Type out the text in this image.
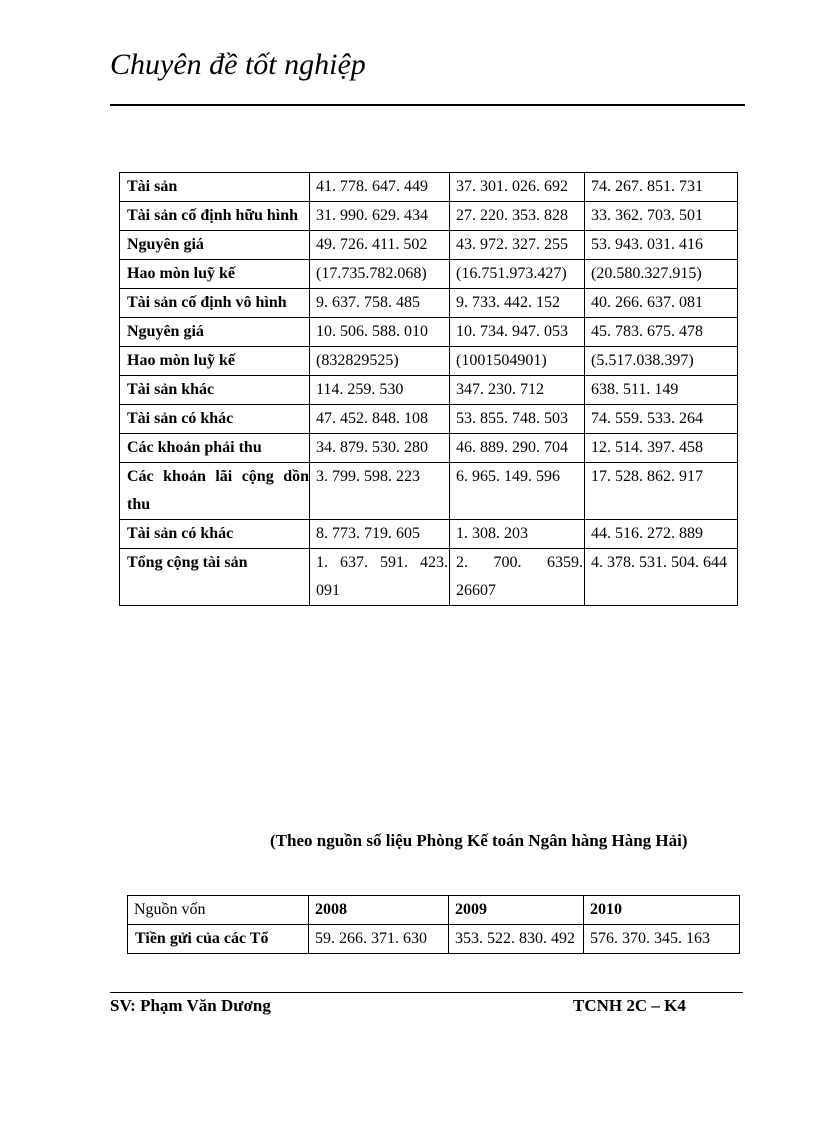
Chuyên đề tốt nghiệp
Tài sản	41. 778. 647. 449	37. 301. 026. 692	74. 267. 851. 731
Tài sản cố định hữu hình	31. 990. 629. 434	27. 220. 353. 828	33. 362. 703. 501
Nguyên giá	49. 726. 411. 502	43. 972. 327. 255	53. 943. 031. 416
Hao mòn luỹ kế	(17.735.782.068)	(16.751.973.427)	(20.580.327.915)
Tài sản cố định vô hình	9. 637. 758. 485	9. 733. 442. 152	40. 266. 637. 081
Nguyên giá	10. 506. 588. 010	10. 734. 947. 053	45. 783. 675. 478
Hao mòn luỹ kế	(832829525)	(1001504901)	(5.517.038.397)
Tài sản khác	114. 259. 530	347. 230. 712	638. 511. 149
Tài sản có khác	47. 452. 848. 108	53. 855. 748. 503	74. 559. 533. 264
Các khoản phải thu	34. 879. 530. 280	46. 889. 290. 704	12. 514. 397. 458
Các khoản lãi cộng dồn thu	3. 799. 598. 223	6. 965. 149. 596	17. 528. 862. 917
Tài sản có khác	8. 773. 719. 605	1. 308. 203	44. 516. 272. 889
Tổng cộng tài sản	1. 637. 591. 423. 091	2. 700. 6359. 26607	4. 378. 531. 504. 644

(Theo nguồn số liệu Phòng Kế toán Ngân hàng Hàng Hải)

Nguồn vốn	2008	2009	2010
Tiền gửi của các Tổ	59. 266. 371. 630	353. 522. 830. 492	576. 370. 345. 163
SV: Phạm Văn Dương	TCNH 2C – K4
